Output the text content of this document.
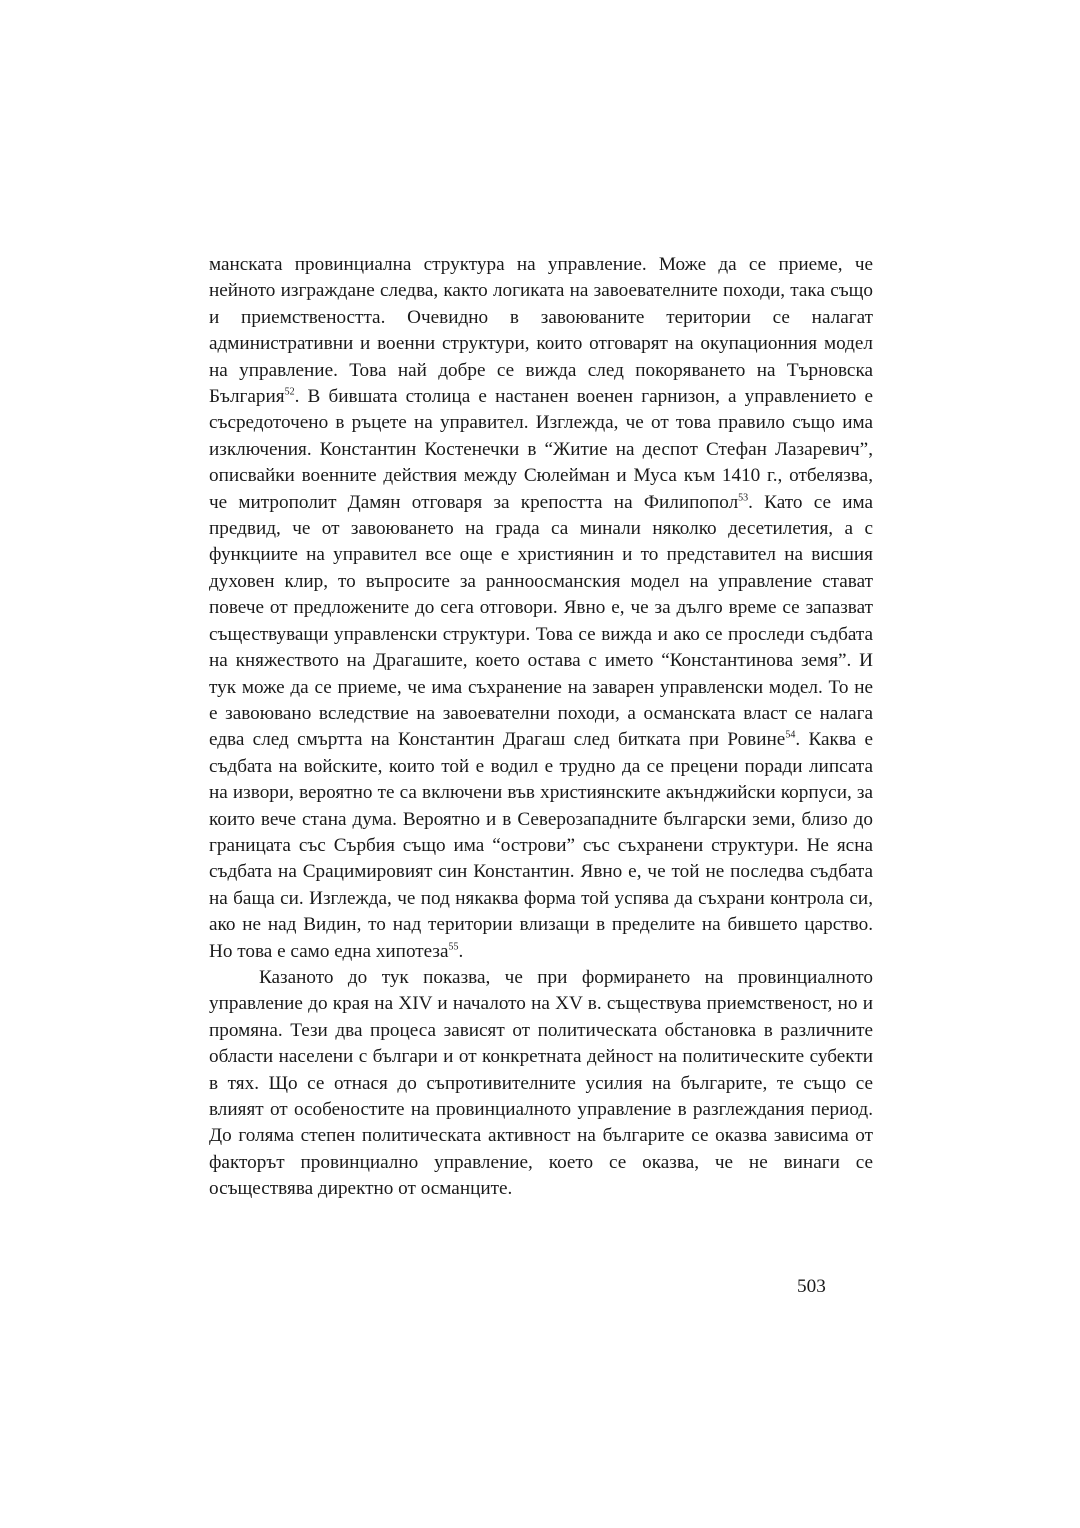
манската провинциална структура на управление. Може да се приеме, че нейното изграждане следва, както логиката на завоевателните походи, така също и приемствеността. Очевидно в завоюваните територии се налагат административни и военни структури, които отговарят на окупационния модел на управление. Това най добре се вижда след покоряването на Търновска България$^{52}$. В бившата столица е настанен военен гарнизон, а управлението е съсредоточено в ръцете на управител. Изглежда, че от това правило също има изключения. Константин Костенечки в “Житие на деспот Стефан Лазаревич”, описвайки военните действия между Сюлейман и Муса към 1410 г., отбелязва, че митрополит Дамян отговаря за крепостта на Филипопол$^{53}$. Като се има предвид, че от завоюването на града са минали няколко десетилетия, а с функциите на управител все още е християнин и то представител на висшия духовен клир, то въпросите за ранноосманския модел на управление стават повече от предложените до сега отговори. Явно е, че за дълго време се запазват съществуващи управленски структури. Това се вижда и ако се проследи съдбата на княжеството на Драгашите, което остава с името “Константинова земя”. И тук може да се приеме, че има съхранение на заварен управленски модел. То не е завоювано вследствие на завоевателни походи, а османската власт се налага едва след смъртта на Константин Драгаш след битката при Ровине$^{54}$. Каква е съдбата на войските, които той е водил е трудно да се прецени поради липсата на извори, вероятно те са включени във християнските акънджийски корпуси, за които вече стана дума. Вероятно и в Северозападните български земи, близо до границата със Сърбия също има “острови” със съхранени структури. Не ясна съдбата на Срацимировият син Константин. Явно е, че той не последва съдбата на баща си. Изглежда, че под някаква форма той успява да съхрани контрола си, ако не над Видин, то над територии влизащи в пределите на бившето царство. Но това е само една хипотеза$^{55}$.

Казаното до тук показва, че при формирането на провинциалното управление до края на XIV и началото на XV в. съществува приемственост, но и промяна. Тези два процеса зависят от политическата обстановка в различните области населени с българи и от конкретната дейност на политическите субекти в тях. Що се отнася до съпротивителните усилия на българите, те също се влияят от особеностите на провинциалното управление в разглеждания период. До голяма степен политическата активност на българите се оказва зависима от факторът провинциално управление, което се оказва, че не винаги се осъществява директно от османците.

503
